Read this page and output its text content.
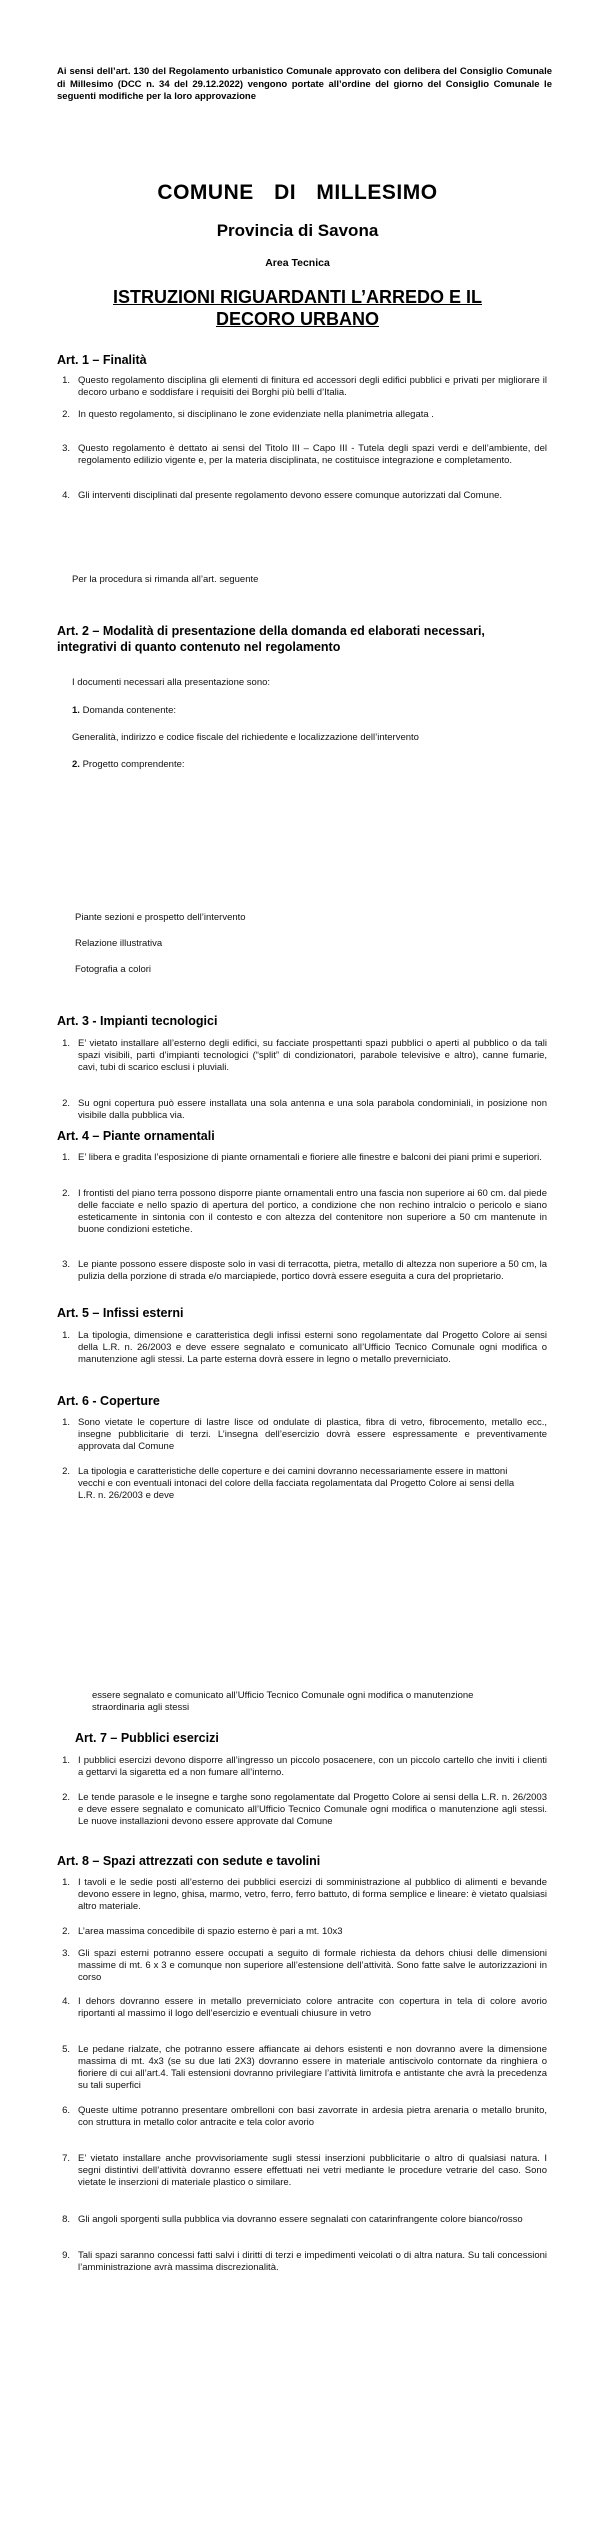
Ai sensi dell’art. 130 del Regolamento urbanistico Comunale approvato con delibera del Consiglio Comunale di Millesimo (DCC n. 34 del 29.12.2022) vengono portate all’ordine del giorno del Consiglio Comunale le seguenti modifiche per la loro approvazione
COMUNE DI MILLESIMO
Provincia di Savona
Area Tecnica
ISTRUZIONI RIGUARDANTI L’ARREDO E IL DECORO URBANO
Art. 1 – Finalità
1. Questo regolamento disciplina gli elementi di finitura ed accessori degli edifici pubblici e privati per migliorare il decoro urbano e soddisfare i requisiti dei Borghi più belli d’Italia.
2. In questo regolamento, si disciplinano le zone evidenziate nella planimetria allegata .
3. Questo regolamento è dettato ai sensi del Titolo III – Capo III - Tutela degli spazi verdi e dell’ambiente, del regolamento edilizio vigente e, per la materia disciplinata, ne costituisce integrazione e completamento.
4. Gli interventi disciplinati dal presente regolamento devono essere comunque autorizzati dal Comune.
Per la procedura si rimanda all’art. seguente
Art. 2 – Modalità di presentazione della domanda ed elaborati necessari, integrativi di quanto contenuto nel regolamento
I documenti necessari alla presentazione sono:
1. Domanda contenente:
Generalità, indirizzo e codice fiscale del richiedente e localizzazione dell’intervento
2. Progetto comprendente:
Piante sezioni e prospetto dell’intervento
Relazione illustrativa
Fotografia a colori
Art. 3 - Impianti tecnologici
1. E’ vietato installare all’esterno degli edifici, su facciate prospettanti spazi pubblici o aperti al pubblico o da tali spazi visibili, parti d’impianti tecnologici (“split” di condizionatori, parabole televisive e altro), canne fumarie, cavi, tubi di scarico esclusi i pluviali.
2. Su ogni copertura può essere installata una sola antenna e una sola parabola condominiali, in posizione non visibile dalla pubblica via.
Art. 4 – Piante ornamentali
1. E’ libera e gradita l’esposizione di piante ornamentali e fioriere alle finestre e balconi dei piani primi e superiori.
2. I frontisti del piano terra possono disporre piante ornamentali entro una fascia non superiore ai 60 cm. dal piede delle facciate e nello spazio di apertura del portico, a condizione che non rechino intralcio o pericolo e siano esteticamente in sintonia con il contesto e con altezza del contenitore non superiore a 50 cm mantenute in buone condizioni estetiche.
3. Le piante possono essere disposte solo in vasi di terracotta, pietra, metallo di altezza non superiore a 50 cm, la pulizia della porzione di strada e/o marciapiede, portico dovrà essere eseguita a cura del proprietario.
Art. 5 – Infissi esterni
1. La tipologia, dimensione e caratteristica degli infissi esterni sono regolamentate dal Progetto Colore ai sensi della L.R. n. 26/2003 e deve essere segnalato e comunicato all’Ufficio Tecnico Comunale ogni modifica o manutenzione agli stessi. La parte esterna dovrà essere in legno o metallo preverniciato.
Art. 6 - Coperture
1. Sono vietate le coperture di lastre lisce od ondulate di plastica, fibra di vetro, fibrocemento, metallo ecc., insegne pubblicitarie di terzi. L’insegna dell’esercizio dovrà essere espressamente e preventivamente approvata dal Comune
2. La tipologia e caratteristiche delle coperture e dei camini dovranno necessariamente essere in mattoni vecchi e con eventuali intonaci del colore della facciata regolamentata dal Progetto Colore ai sensi della L.R. n. 26/2003 e deve
essere segnalato e comunicato all’Ufficio Tecnico Comunale ogni modifica o manutenzione straordinaria agli stessi
Art. 7 – Pubblici esercizi
1. I pubblici esercizi devono disporre all’ingresso un piccolo posacenere, con un piccolo cartello che inviti i clienti a gettarvi la sigaretta ed a non fumare all’interno.
2. Le tende parasole e le insegne e targhe sono regolamentate dal Progetto Colore ai sensi della L.R. n. 26/2003 e deve essere segnalato e comunicato all’Ufficio Tecnico Comunale ogni modifica o manutenzione agli stessi. Le nuove installazioni devono essere approvate dal Comune
Art. 8 – Spazi attrezzati con sedute e tavolini
1. I tavoli e le sedie posti all’esterno dei pubblici esercizi di somministrazione al pubblico di alimenti e bevande devono essere in legno, ghisa, marmo, vetro, ferro, ferro battuto, di forma semplice e lineare: è vietato qualsiasi altro materiale.
2. L’area massima concedibile di spazio esterno è pari a mt. 10x3
3. Gli spazi esterni potranno essere occupati a seguito di formale richiesta da dehors chiusi delle dimensioni massime di mt. 6 x 3 e comunque non superiore all’estensione dell’attività. Sono fatte salve le autorizzazioni in corso
4. I dehors dovranno essere in metallo preverniciato colore antracite con copertura in tela di colore avorio riportanti al massimo il logo dell’esercizio e eventuali chiusure in vetro
5. Le pedane rialzate, che potranno essere affiancate ai dehors esistenti e non dovranno avere la dimensione massima di mt. 4x3 (se su due lati 2X3) dovranno essere in materiale antiscivolo contornate da ringhiera o fioriere di cui all’art.4. Tali estensioni dovranno privilegiare l’attività limitrofa e antistante che avrà la precedenza su tali superfici
6. Queste ultime potranno presentare ombrelloni con basi zavorrate in ardesia pietra arenaria o metallo brunito, con struttura in metallo color antracite e tela color avorio
7. E’ vietato installare anche provvisoriamente sugli stessi inserzioni pubblicitarie o altro di qualsiasi natura. I segni distintivi dell’attività dovranno essere effettuati nei vetri mediante le procedure vetrarie del caso. Sono vietate le inserzioni di materiale plastico o similare.
8. Gli angoli sporgenti sulla pubblica via dovranno essere segnalati con catarinfrangente colore bianco/rosso
9. Tali spazi saranno concessi fatti salvi i diritti di terzi e impedimenti veicolati o di altra natura. Su tali concessioni l’amministrazione avrà massima discrezionalità.
